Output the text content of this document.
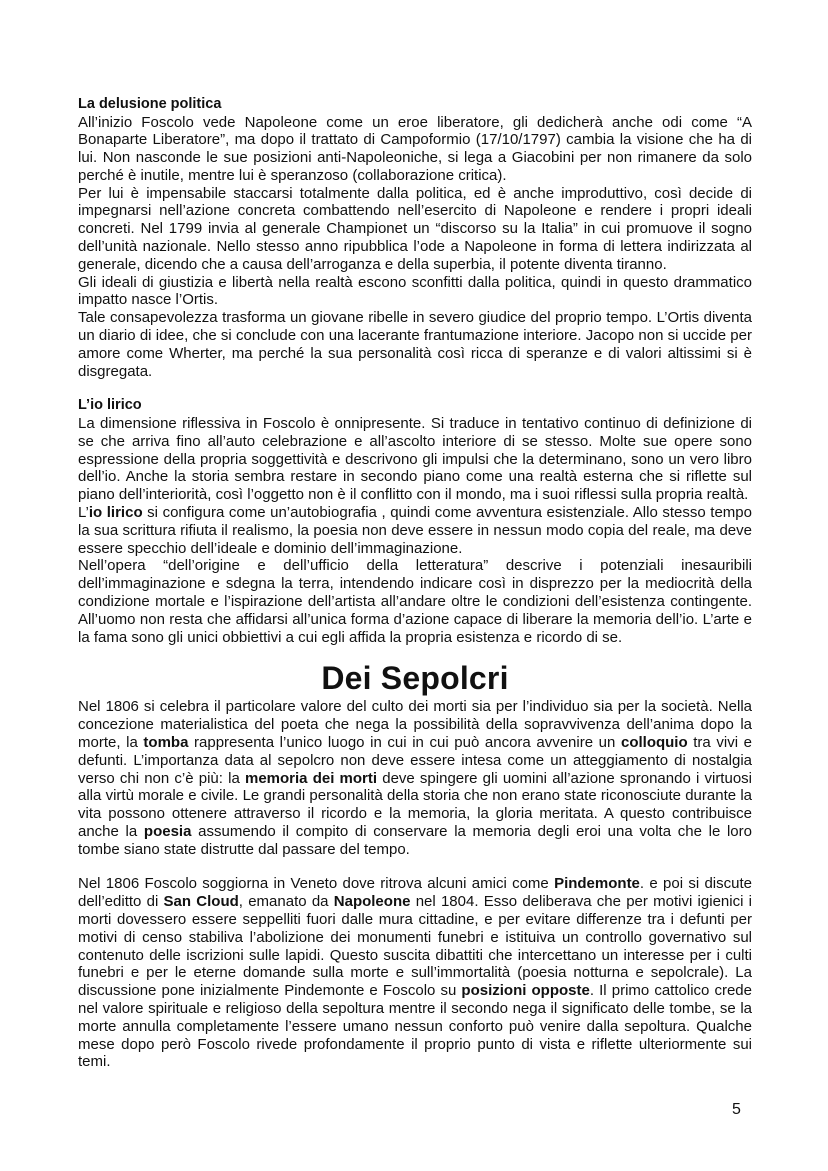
La delusione politica

All’inizio Foscolo vede Napoleone come un eroe liberatore, gli dedicherà anche odi come “A Bonaparte Liberatore”, ma dopo il trattato di Campoformio (17/10/1797) cambia la visione che ha di lui. Non nasconde le sue posizioni anti-Napoleoniche, si lega a Giacobini per non rimanere da solo perché è inutile, mentre lui è speranzoso (collaborazione critica).

Per lui è impensabile staccarsi totalmente dalla politica, ed è anche improduttivo, così decide di impegnarsi nell’azione concreta combattendo nell’esercito di Napoleone e rendere i propri ideali concreti. Nel 1799 invia al generale Championet un “discorso su la Italia” in cui promuove il sogno dell’unità nazionale. Nello stesso anno ripubblica l’ode a Napoleone in forma di lettera indirizzata al generale, dicendo che a causa dell’arroganza e della superbia, il potente diventa tiranno.

Gli ideali di giustizia e libertà nella realtà escono sconfitti dalla politica, quindi in questo drammatico impatto nasce l’Ortis.

Tale consapevolezza trasforma un giovane ribelle in severo giudice del proprio tempo. L’Ortis diventa un diario di idee, che si conclude con una lacerante frantumazione interiore. Jacopo non si uccide per amore come Wherter, ma perché la sua personalità così ricca di speranze e di valori altissimi si è disgregata.

L’io lirico

La dimensione riflessiva in Foscolo è onnipresente. Si traduce in tentativo continuo di definizione di se che arriva fino all’auto celebrazione e all’ascolto interiore di se stesso. Molte sue opere sono espressione della propria soggettività e descrivono gli impulsi che la determinano, sono un vero libro dell’io. Anche la storia sembra restare in secondo piano come una realtà esterna che si riflette sul piano dell’interiorità, così l’oggetto non è il conflitto con il mondo, ma i suoi riflessi sulla propria realtà.

L’io lirico si configura come un’autobiografia , quindi come avventura esistenziale. Allo stesso tempo la sua scrittura rifiuta il realismo, la poesia non deve essere in nessun modo copia del reale, ma deve essere specchio dell’ideale e dominio dell’immaginazione.

Nell’opera “dell’origine e dell’ufficio della letteratura” descrive i potenziali inesauribili dell’immaginazione e sdegna la terra, intendendo indicare così in disprezzo per la mediocrità della condizione mortale e l’ispirazione dell’artista all’andare oltre le condizioni dell’esistenza contingente. All’uomo non resta che affidarsi all’unica forma d’azione capace di liberare la memoria dell’io. L’arte e la fama sono gli unici obbiettivi a cui egli affida la propria esistenza e ricordo di se.

Dei Sepolcri

Nel 1806 si celebra il particolare valore del culto dei morti sia per l’individuo sia per la società. Nella concezione materialistica del poeta che nega la possibilità della sopravvivenza dell’anima dopo la morte, la tomba rappresenta l’unico luogo in cui in cui può ancora avvenire un colloquio tra vivi e defunti. L’importanza data al sepolcro non deve essere intesa come un atteggiamento di nostalgia verso chi non c’è più: la memoria dei morti deve spingere gli uomini all’azione spronando i virtuosi alla virtù morale e civile. Le grandi personalità della storia che non erano state riconosciute durante la vita possono ottenere attraverso il ricordo e la memoria, la gloria meritata. A questo contribuisce anche la poesia assumendo il compito di conservare la memoria degli eroi una volta che le loro tombe siano state distrutte dal passare del tempo.

Nel 1806 Foscolo soggiorna in Veneto dove ritrova alcuni amici come Pindemonte. e poi si discute dell’editto di San Cloud, emanato da Napoleone nel 1804. Esso deliberava che per motivi igienici i morti dovessero essere seppelliti fuori dalle mura cittadine, e per evitare differenze tra i defunti per motivi di censo stabiliva l’abolizione dei monumenti funebri e istituiva un controllo governativo sul contenuto delle iscrizioni sulle lapidi. Questo suscita dibattiti che intercettano un interesse per i culti funebri e per le eterne domande sulla morte e sull’immortalità (poesia notturna e sepolcrale). La discussione pone inizialmente Pindemonte e Foscolo su posizioni opposte. Il primo cattolico crede nel valore spirituale e religioso della sepoltura mentre il secondo nega il significato delle tombe, se la morte annulla completamente l’essere umano nessun conforto può venire dalla sepoltura. Qualche mese dopo però Foscolo rivede profondamente il proprio punto di vista e riflette ulteriormente sui temi.

5
